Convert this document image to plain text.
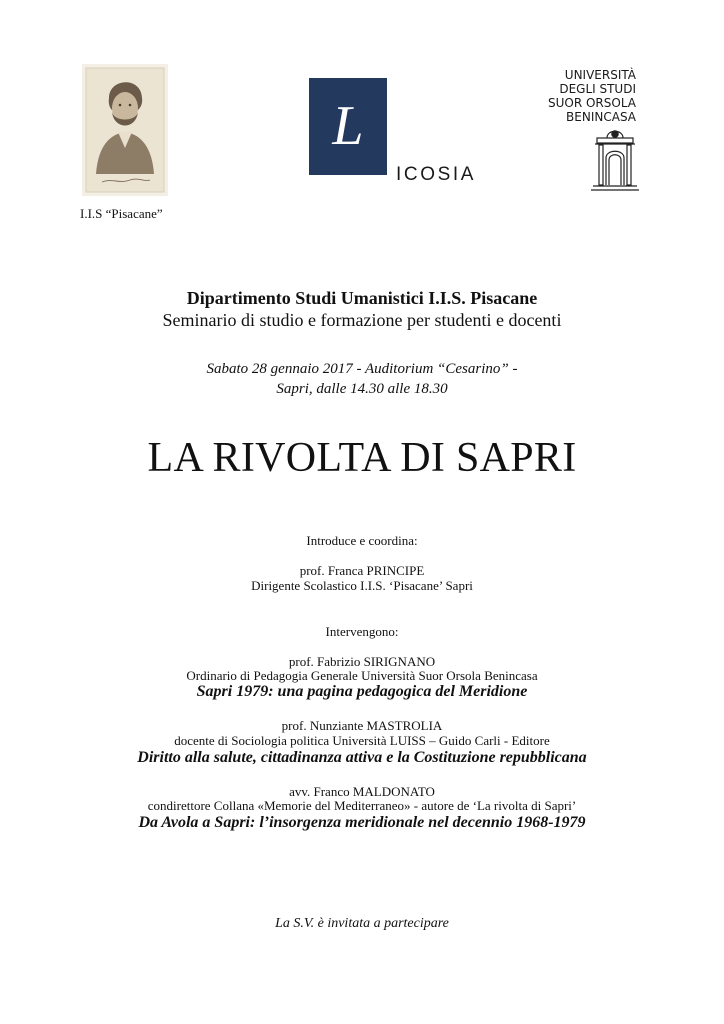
I.I.S “Pisacane”
L
ICOSIA
UNIVERSITÀ
DEGLI STUDI
SUOR ORSOLA
BENINCASA
Dipartimento Studi Umanistici I.I.S. Pisacane
Seminario di studio e formazione per studenti e docenti
Sabato 28 gennaio 2017 - Auditorium “Cesarino” -
Sapri, dalle 14.30 alle 18.30
LA RIVOLTA DI SAPRI
Introduce e coordina:
prof. Franca PRINCIPE
Dirigente Scolastico I.I.S. ‘Pisacane’ Sapri
Intervengono:
prof. Fabrizio SIRIGNANO
Ordinario di Pedagogia Generale Università Suor Orsola Benincasa
Sapri 1979: una pagina pedagogica del Meridione
prof. Nunziante MASTROLIA
docente di Sociologia politica Università LUISS – Guido Carli - Editore
Diritto alla salute, cittadinanza attiva e la Costituzione repubblicana
avv. Franco MALDONATO
condirettore Collana «Memorie del Mediterraneo» - autore de ‘La rivolta di Sapri’
Da Avola a Sapri: l’insorgenza meridionale nel decennio 1968-1979
La S.V. è invitata a partecipare
